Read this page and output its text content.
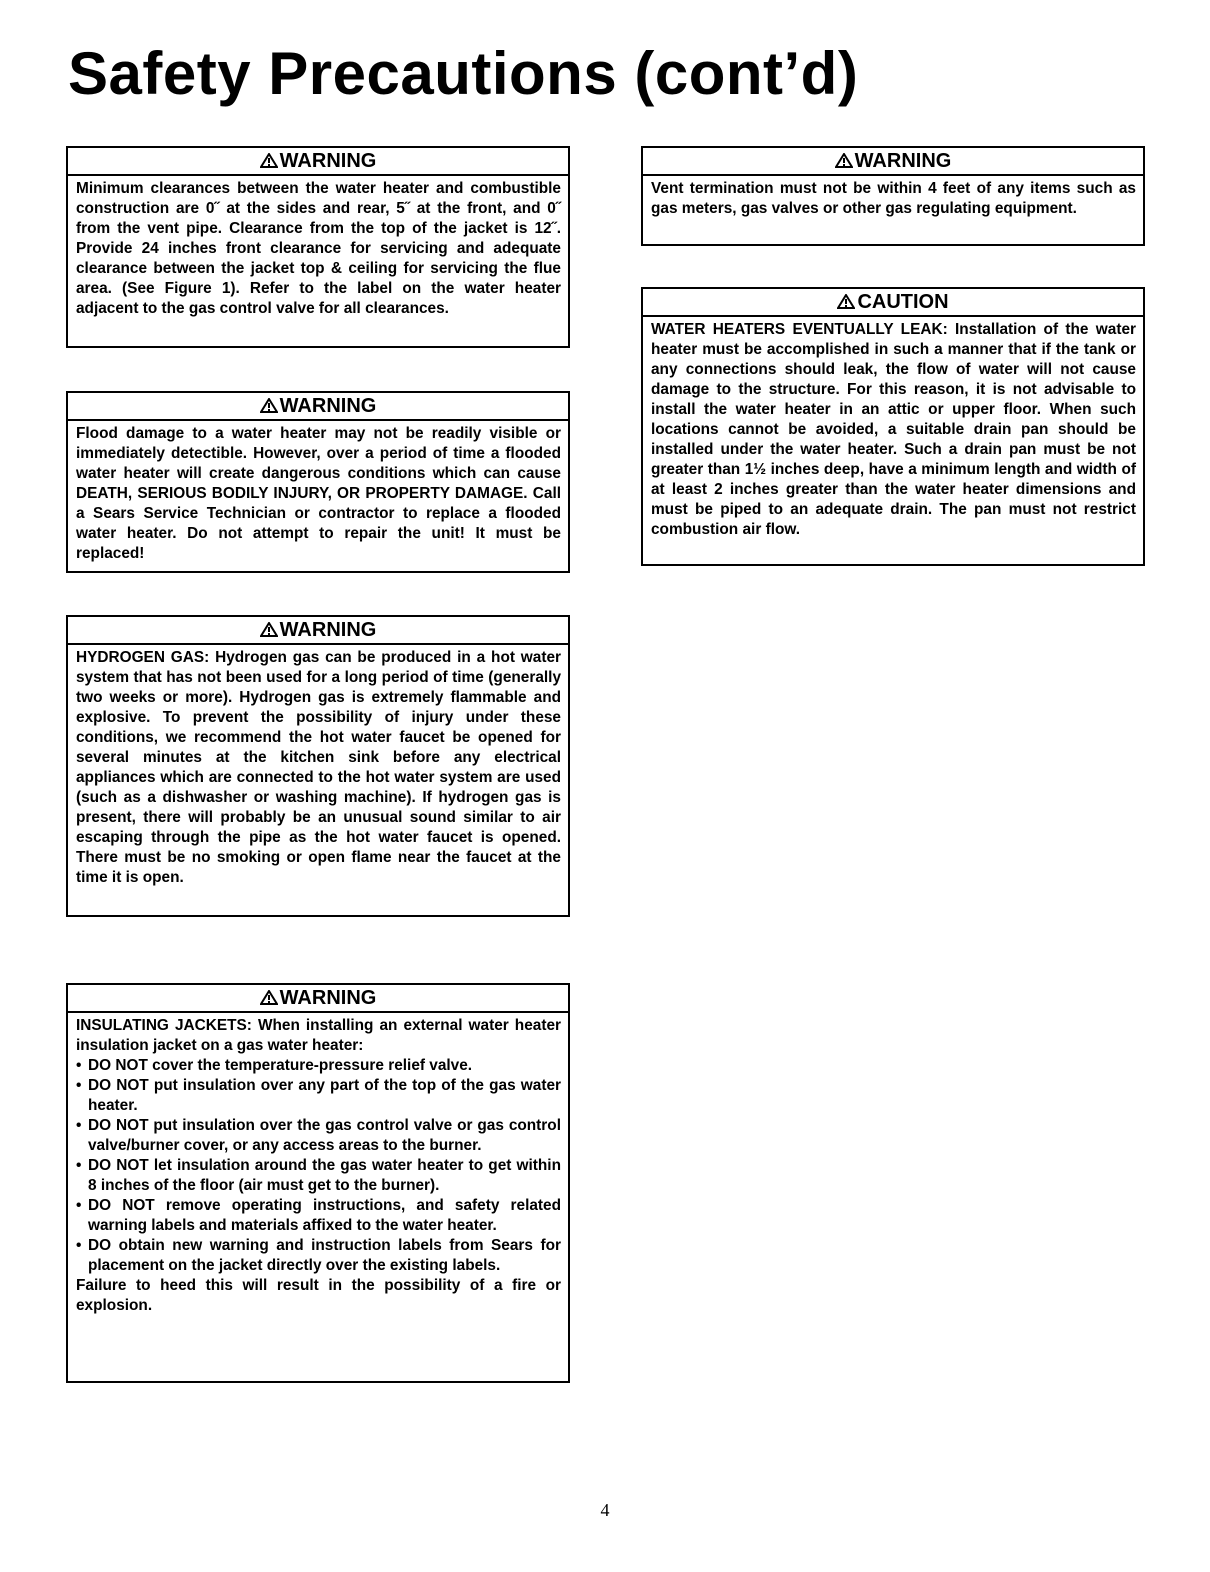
Safety Precautions (cont’d)
WARNING

Minimum clearances between the water heater and combustible construction are 0˝ at the sides and rear, 5˝ at the front, and 0˝ from the vent pipe. Clearance from the top of the jacket is 12˝. Provide 24 inches front clearance for servicing and adequate clearance between the jacket top & ceiling for servicing the flue area. (See Figure 1). Refer to the label on the water heater adjacent to the gas control valve for all clearances.

WARNING

Flood damage to a water heater may not be readily visible or immediately detectible. However, over a period of time a flooded water heater will create dangerous conditions which can cause DEATH, SERIOUS BODILY INJURY, OR PROPERTY DAMAGE. Call a Sears Service Technician or contractor to replace a flooded water heater. Do not attempt to repair the unit! It must be replaced!

WARNING

HYDROGEN GAS: Hydrogen gas can be produced in a hot water system that has not been used for a long period of time (generally two weeks or more). Hydrogen gas is extremely flammable and explosive. To prevent the possibility of injury under these conditions, we recommend the hot water faucet be opened for several minutes at the kitchen sink before any electrical appliances which are connected to the hot water system are used (such as a dishwasher or washing machine). If hydrogen gas is present, there will probably be an unusual sound similar to air escaping through the pipe as the hot water faucet is opened. There must be no smoking or open flame near the faucet at the time it is open.

WARNING

INSULATING JACKETS: When installing an external water heater insulation jacket on a gas water heater:

• DO NOT cover the temperature-pressure relief valve.
• DO NOT put insulation over any part of the top of the gas water heater.
• DO NOT put insulation over the gas control valve or gas control valve/burner cover, or any access areas to the burner.
• DO NOT let insulation around the gas water heater to get within 8 inches of the floor (air must get to the burner).
• DO NOT remove operating instructions, and safety related warning labels and materials affixed to the water heater.
• DO obtain new warning and instruction labels from Sears for placement on the jacket directly over the existing labels.

Failure to heed this will result in the possibility of a fire or explosion.

WARNING

Vent termination must not be within 4 feet of any items such as gas meters, gas valves or other gas regulating equipment.

CAUTION

WATER HEATERS EVENTUALLY LEAK: Installation of the water heater must be accomplished in such a manner that if the tank or any connections should leak, the flow of water will not cause damage to the structure. For this reason, it is not advisable to install the water heater in an attic or upper floor. When such locations cannot be avoided, a suitable drain pan should be installed under the water heater. Such a drain pan must be not greater than 1½ inches deep, have a minimum length and width of at least 2 inches greater than the water heater dimensions and must be piped to an adequate drain. The pan must not restrict combustion air flow.

4
